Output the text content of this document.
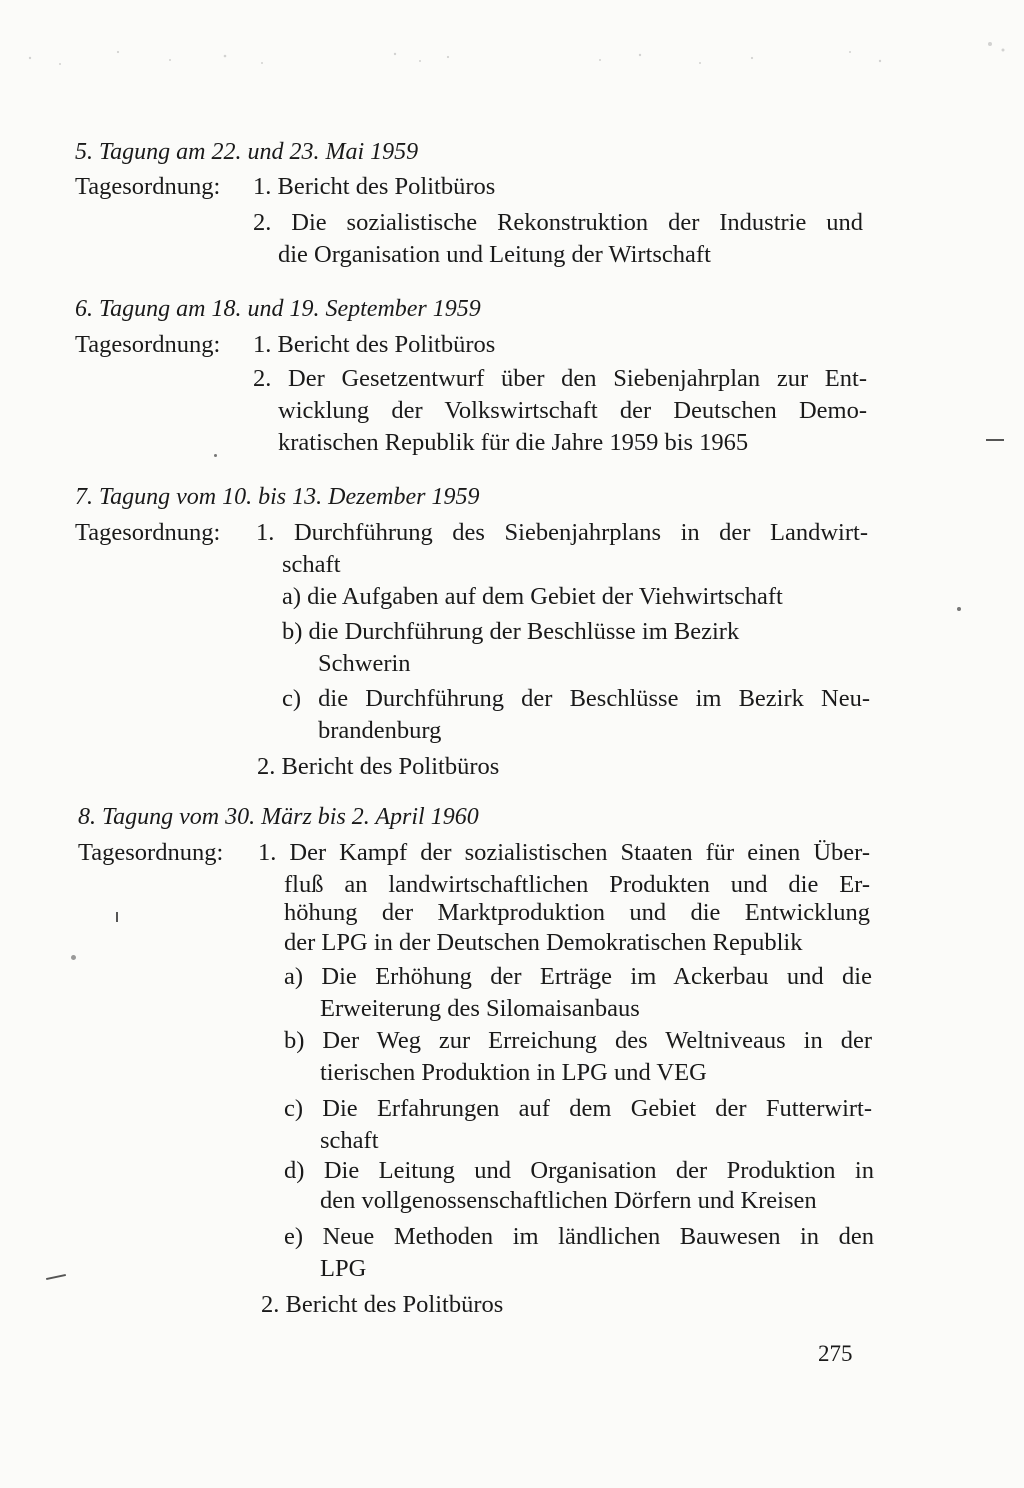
5. Tagung am 22. und 23. Mai 1959
Tagesordnung: 1. Bericht des Politbüros
2. Die sozialistische Rekonstruktion der Industrie und
die Organisation und Leitung der Wirtschaft
6. Tagung am 18. und 19. September 1959
Tagesordnung: 1. Bericht des Politbüros
2. Der Gesetzentwurf über den Siebenjahrplan zur Ent-
wicklung der Volkswirtschaft der Deutschen Demo-
kratischen Republik für die Jahre 1959 bis 1965
7. Tagung vom 10. bis 13. Dezember 1959
Tagesordnung: 1. Durchführung des Siebenjahrplans in der Landwirt-
schaft
a) die Aufgaben auf dem Gebiet der Viehwirtschaft
b) die Durchführung der Beschlüsse im Bezirk
Schwerin
c) die Durchführung der Beschlüsse im Bezirk Neu-
brandenburg
2. Bericht des Politbüros
8. Tagung vom 30. März bis 2. April 1960
Tagesordnung: 1. Der Kampf der sozialistischen Staaten für einen Über-
fluß an landwirtschaftlichen Produkten und die Er-
höhung der Marktproduktion und die Entwicklung
der LPG in der Deutschen Demokratischen Republik
a) Die Erhöhung der Erträge im Ackerbau und die
Erweiterung des Silomaisanbaus
b) Der Weg zur Erreichung des Weltniveaus in der
tierischen Produktion in LPG und VEG
c) Die Erfahrungen auf dem Gebiet der Futterwirt-
schaft
d) Die Leitung und Organisation der Produktion in
den vollgenossenschaftlichen Dörfern und Kreisen
e) Neue Methoden im ländlichen Bauwesen in den
LPG
2. Bericht des Politbüros
275
